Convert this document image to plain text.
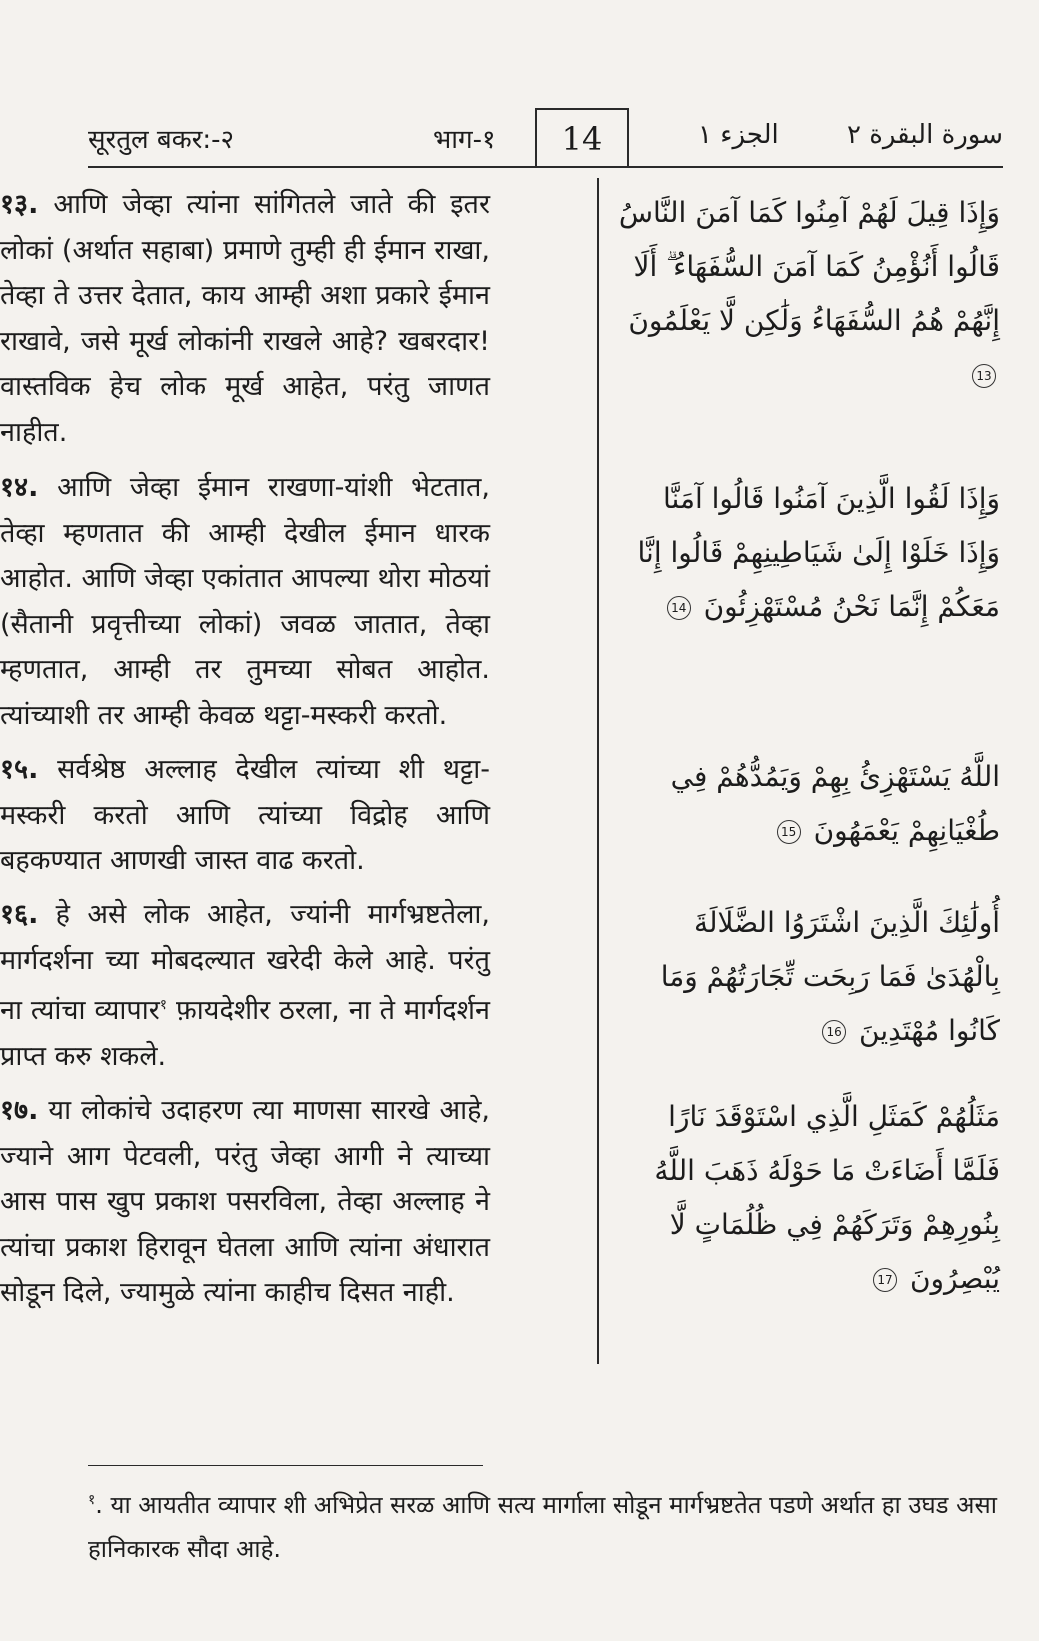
सूरतुल बकर:-२	भाग-१	14	الجزء ١	سورة البقرة ٢

१३. आणि जेव्हा त्यांना सांगितले जाते की इतर लोकां (अर्थात सहाबा) प्रमाणे तुम्ही ही ईमान राखा, तेव्हा ते उत्तर देतात, काय आम्ही अशा प्रकारे ईमान राखावे, जसे मूर्ख लोकांनी राखले आहे? खबरदार! वास्तविक हेच लोक मूर्ख आहेत, परंतु जाणत नाहीत.

१४. आणि जेव्हा ईमान राखणा-यांशी भेटतात, तेव्हा म्हणतात की आम्ही देखील ईमान धारक आहोत. आणि जेव्हा एकांतात आपल्या थोरा मोठयां (सैतानी प्रवृत्तीच्या लोकां) जवळ जातात, तेव्हा म्हणतात, आम्ही तर तुमच्या सोबत आहोत. त्यांच्याशी तर आम्ही केवळ थट्टा-मस्करी करतो.

१५. सर्वश्रेष्ठ अल्लाह देखील त्यांच्या शी थट्टा-मस्करी करतो आणि त्यांच्या विद्रोह आणि बहकण्यात आणखी जास्त वाढ करतो.

१६. हे असे लोक आहेत, ज्यांनी मार्गभ्रष्टतेला, मार्गदर्शना च्या मोबदल्यात खरेदी केले आहे. परंतु ना त्यांचा व्यापार$^१$ फ़ायदेशीर ठरला, ना ते मार्गदर्शन प्राप्त करु शकले.

१७. या लोकांचे उदाहरण त्या माणसा सारखे आहे, ज्याने आग पेटवली, परंतु जेव्हा आगी ने त्याच्या आस पास खुप प्रकाश पसरविला, तेव्हा अल्लाह ने त्यांचा प्रकाश हिरावून घेतला आणि त्यांना अंधारात सोडून दिले, ज्यामुळे त्यांना काहीच दिसत नाही.

وَإِذَا قِيلَ لَهُمْ آمِنُوا كَمَا آمَنَ النَّاسُ قَالُوا أَنُؤْمِنُ كَمَا آمَنَ السُّفَهَاءُ ۗ أَلَا إِنَّهُمْ هُمُ السُّفَهَاءُ وَلَٰكِن لَّا يَعْلَمُونَ 13
وَإِذَا لَقُوا الَّذِينَ آمَنُوا قَالُوا آمَنَّا وَإِذَا خَلَوْا إِلَىٰ شَيَاطِينِهِمْ قَالُوا إِنَّا مَعَكُمْ إِنَّمَا نَحْنُ مُسْتَهْزِئُونَ 14
اللَّهُ يَسْتَهْزِئُ بِهِمْ وَيَمُدُّهُمْ فِي طُغْيَانِهِمْ يَعْمَهُونَ 15
أُولَٰئِكَ الَّذِينَ اشْتَرَوُا الضَّلَالَةَ بِالْهُدَىٰ فَمَا رَبِحَت تِّجَارَتُهُمْ وَمَا كَانُوا مُهْتَدِينَ 16
مَثَلُهُمْ كَمَثَلِ الَّذِي اسْتَوْقَدَ نَارًا فَلَمَّا أَضَاءَتْ مَا حَوْلَهُ ذَهَبَ اللَّهُ بِنُورِهِمْ وَتَرَكَهُمْ فِي ظُلُمَاتٍ لَّا يُبْصِرُونَ 17

$^१$. या आयतीत व्यापार शी अभिप्रेत सरळ आणि सत्य मार्गाला सोडून मार्गभ्रष्टतेत पडणे अर्थात हा उघड असा हानिकारक सौदा आहे.
